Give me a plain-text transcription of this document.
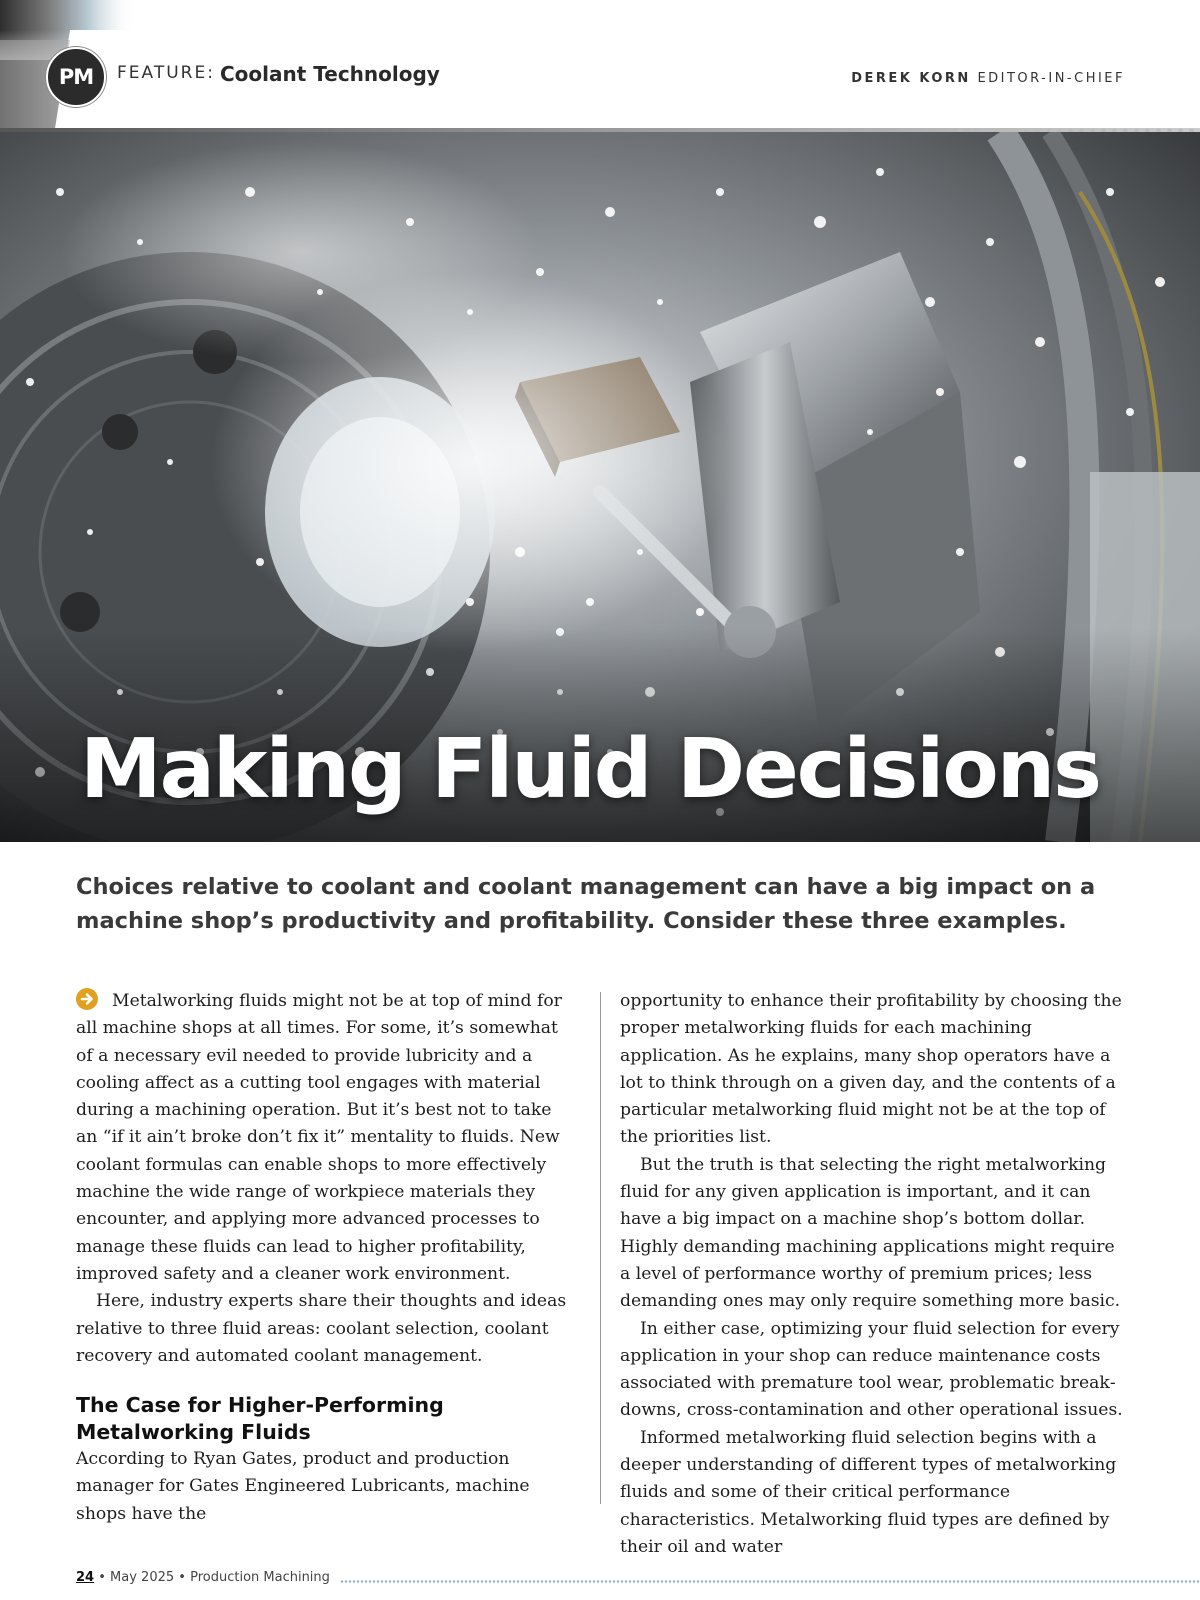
PM	FEATURE: Coolant Technology	DEREK KORN EDITOR-IN-CHIEF
Making Fluid Decisions

Choices relative to coolant and coolant management can have a big impact on a machine shop’s productivity and profitability. Consider these three examples.

Metalworking fluids might not be at top of mind for all machine shops at all times. For some, it’s somewhat of a necessary evil needed to provide lubricity and a cooling affect as a cutting tool engages with material during a machining operation. But it’s best not to take an “if it ain’t broke don’t fix it” mentality to fluids. New coolant formulas can enable shops to more effectively machine the wide range of workpiece materials they encounter, and applying more advanced processes to manage these fluids can lead to higher profitability, improved safety and a cleaner work environment.

Here, industry experts share their thoughts and ideas relative to three fluid areas: coolant selection, coolant recovery and automated coolant management.

The Case for Higher-Performing Metalworking Fluids

According to Ryan Gates, product and production manager for Gates Engineered Lubricants, machine shops have the

opportunity to enhance their profitability by choosing the proper metalworking fluids for each machining application. As he explains, many shop operators have a lot to think through on a given day, and the contents of a particular metalworking fluid might not be at the top of the priorities list.

But the truth is that selecting the right metalworking fluid for any given application is important, and it can have a big impact on a machine shop’s bottom dollar. Highly demanding machining applications might require a level of performance worthy of premium prices; less demanding ones may only require something more basic.

In either case, optimizing your fluid selection for every application in your shop can reduce maintenance costs associated with premature tool wear, problematic breakdowns, cross-contamination and other operational issues.

Informed metalworking fluid selection begins with a deeper understanding of different types of metalworking fluids and some of their critical performance characteristics. Metalworking fluid types are defined by their oil and water

24 • May 2025 • Production Machining
